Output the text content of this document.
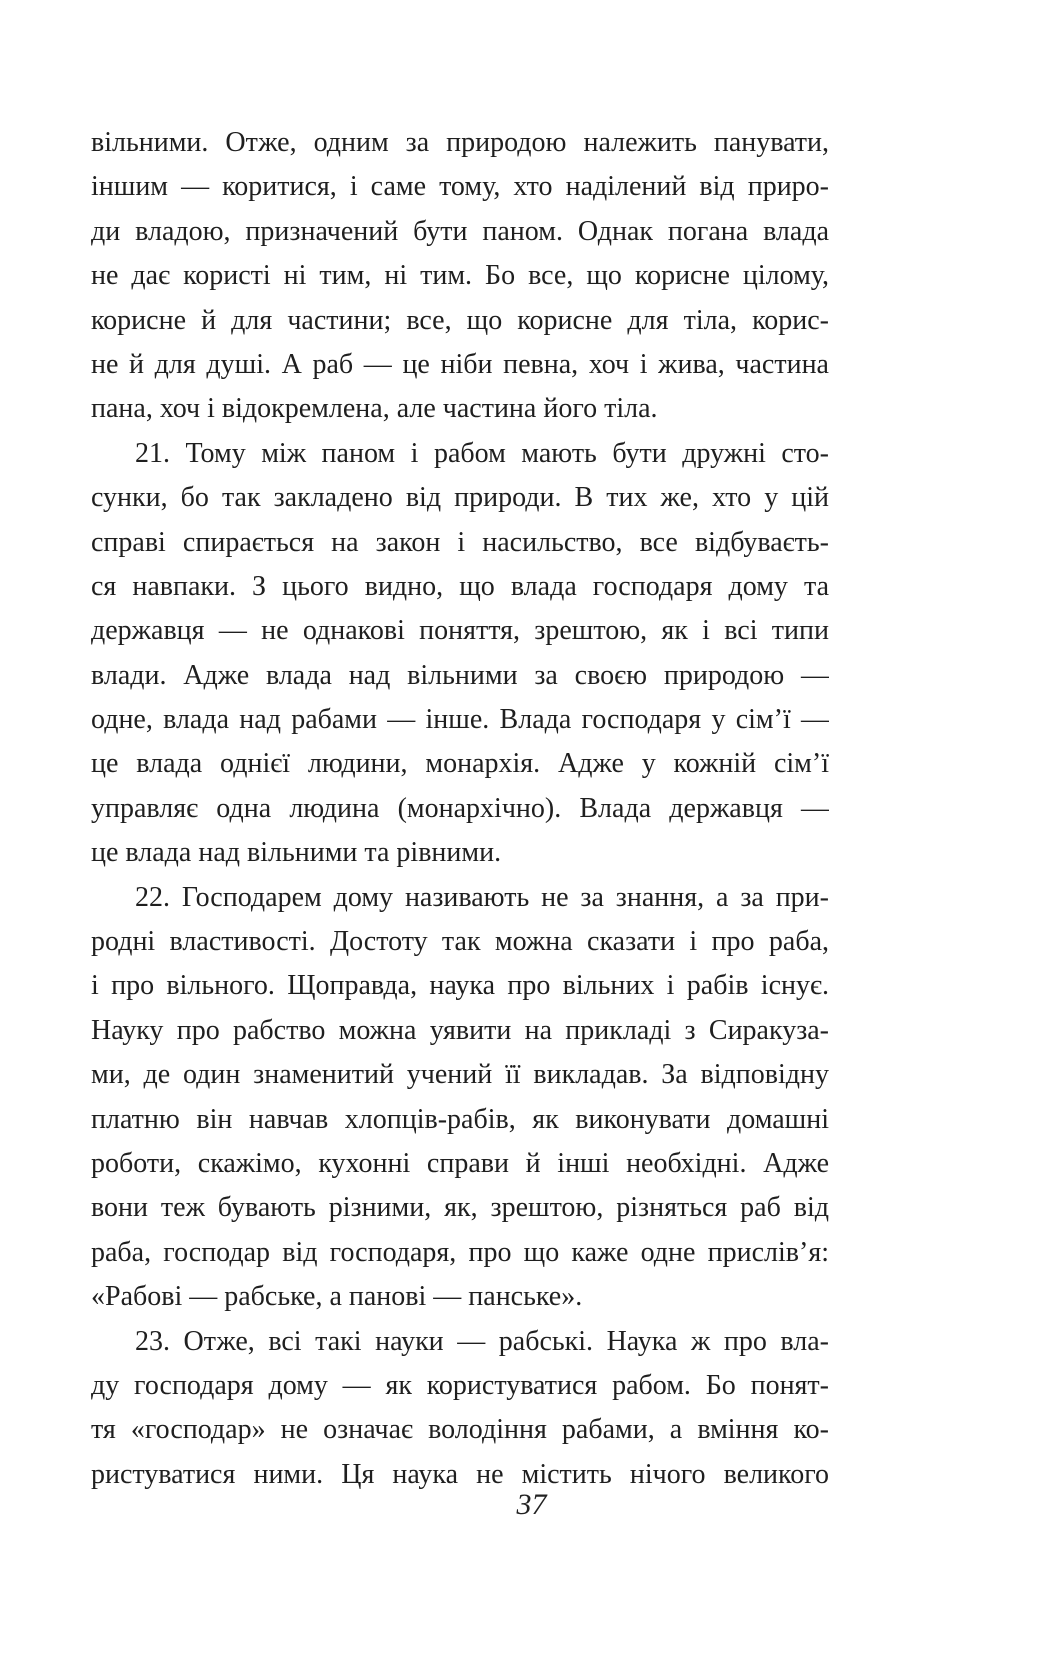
вільними. Отже, одним за природою належить панувати,
іншим — коритися, і саме тому, хто наділений від приро-
ди владою, призначений бути паном. Однак погана влада
не дає користі ні тим, ні тим. Бо все, що корисне цілому,
корисне й для частини; все, що корисне для тіла, корис-
не й для душі. А раб — це ніби певна, хоч і жива, частина
пана, хоч і відокремлена, але частина його тіла.
21. Тому між паном і рабом мають бути дружні сто-
сунки, бо так закладено від природи. В тих же, хто у цій
справі спирається на закон і насильство, все відбуваєть-
ся навпаки. З цього видно, що влада господаря дому та
державця — не однакові поняття, зрештою, як і всі типи
влади. Адже влада над вільними за своєю природою —
одне, влада над рабами — інше. Влада господаря у сім’ї —
це влада однієї людини, монархія. Адже у кожній сім’ї
управляє одна людина (монархічно). Влада державця —
це влада над вільними та рівними.
22. Господарем дому називають не за знання, а за при-
родні властивості. Достоту так можна сказати і про раба,
і про вільного. Щоправда, наука про вільних і рабів існує.
Науку про рабство можна уявити на прикладі з Сиракуза-
ми, де один знаменитий учений її викладав. За відповідну
платню він навчав хлопців-рабів, як виконувати домашні
роботи, скажімо, кухонні справи й інші необхідні. Адже
вони теж бувають різними, як, зрештою, різняться раб від
раба, господар від господаря, про що каже одне прислів’я:
«Рабові — рабське, а панові — панське».
23. Отже, всі такі науки — рабські. Наука ж про вла-
ду господаря дому — як користуватися рабом. Бо понят-
тя «господар» не означає володіння рабами, а вміння ко-
ристуватися ними. Ця наука не містить нічого великого
37
